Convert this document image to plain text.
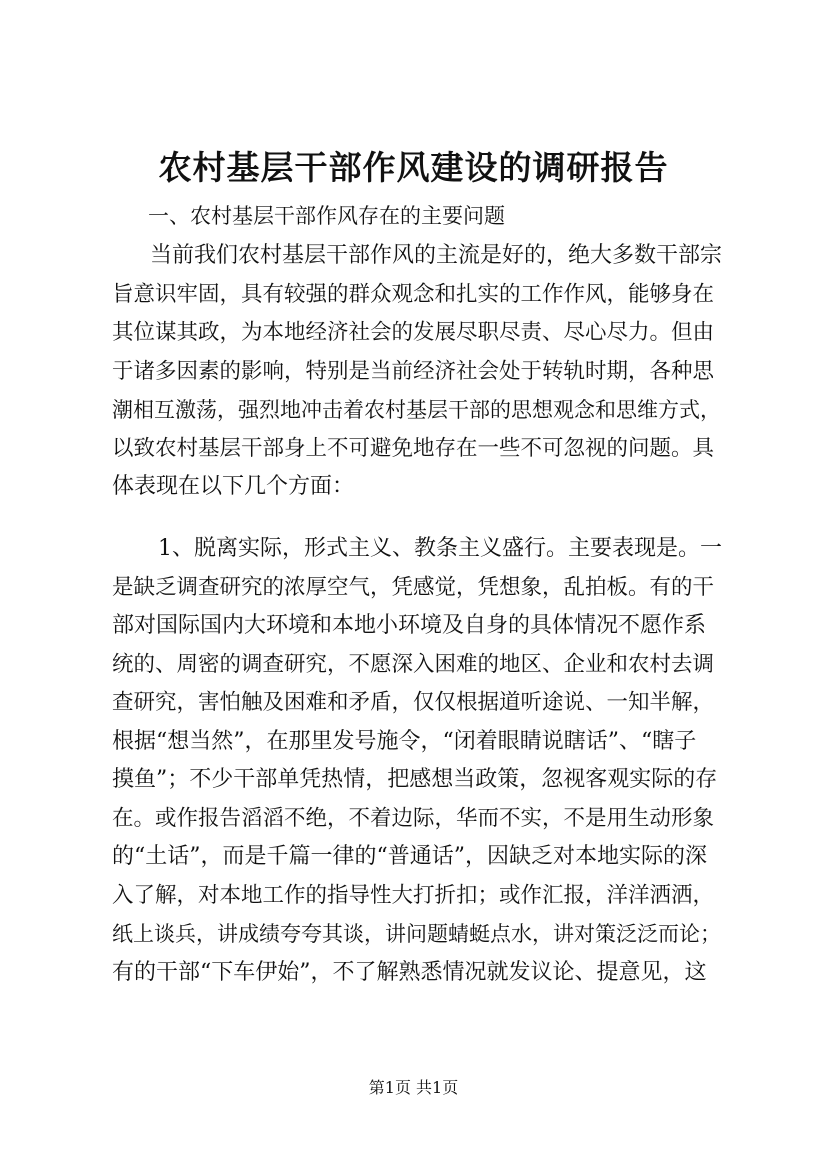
农村基层干部作风建设的调研报告
一、农村基层干部作风存在的主要问题
当前我们农村基层干部作风的主流是好的，绝大多数干部宗
旨意识牢固，具有较强的群众观念和扎实的工作作风，能够身在
其位谋其政，为本地经济社会的发展尽职尽责、尽心尽力。但由
于诸多因素的影响，特别是当前经济社会处于转轨时期，各种思
潮相互激荡，强烈地冲击着农村基层干部的思想观念和思维方式，
以致农村基层干部身上不可避免地存在一些不可忽视的问题。具
体表现在以下几个方面：
1、脱离实际，形式主义、教条主义盛行。主要表现是。一
是缺乏调查研究的浓厚空气，凭感觉，凭想象，乱拍板。有的干
部对国际国内大环境和本地小环境及自身的具体情况不愿作系
统的、周密的调查研究，不愿深入困难的地区、企业和农村去调
查研究，害怕触及困难和矛盾，仅仅根据道听途说、一知半解，
根据“想当然”，在那里发号施令，“闭着眼睛说瞎话”、“瞎子
摸鱼”；不少干部单凭热情，把感想当政策，忽视客观实际的存
在。或作报告滔滔不绝，不着边际，华而不实，不是用生动形象
的“土话”，而是千篇一律的“普通话”，因缺乏对本地实际的深
入了解，对本地工作的指导性大打折扣；或作汇报，洋洋洒洒，
纸上谈兵，讲成绩夸夸其谈，讲问题蜻蜓点水，讲对策泛泛而论；
有的干部“下车伊始”，不了解熟悉情况就发议论、提意见，这
第1页 共1页
